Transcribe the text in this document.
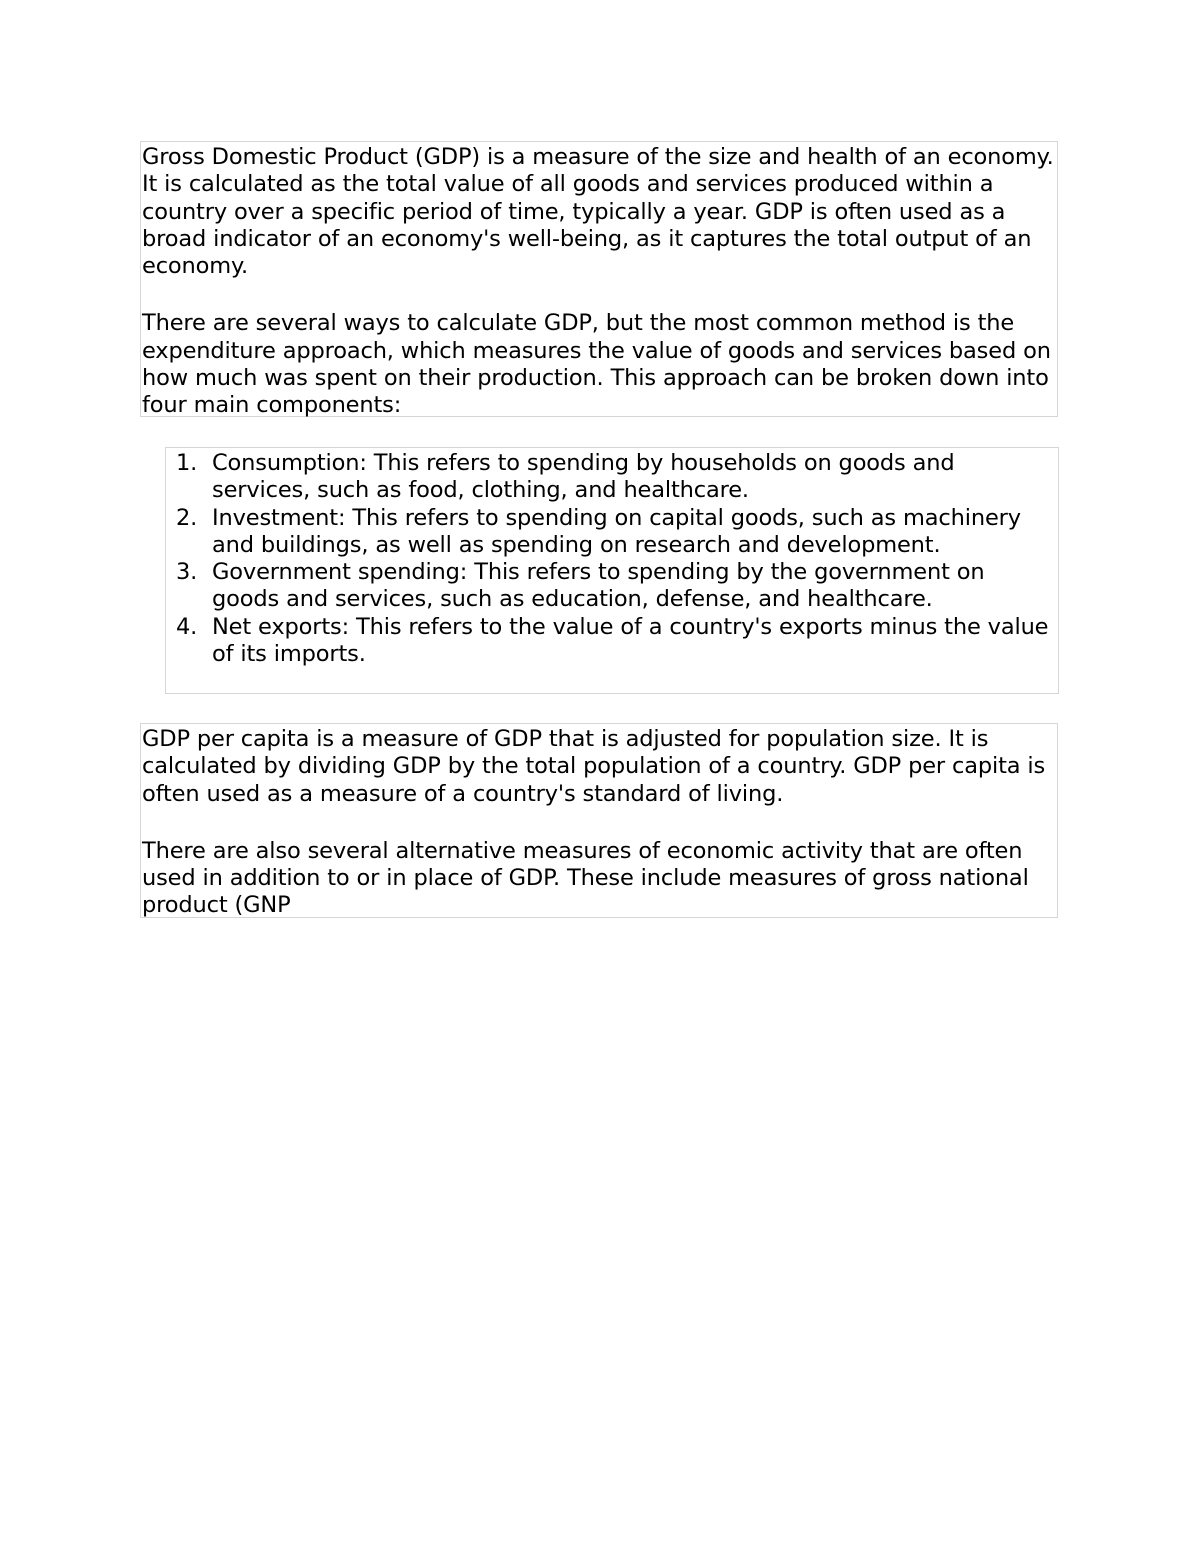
Gross Domestic Product (GDP) is a measure of the size and health of an economy. It is calculated as the total value of all goods and services produced within a country over a specific period of time, typically a year. GDP is often used as a broad indicator of an economy's well-being, as it captures the total output of an economy.

There are several ways to calculate GDP, but the most common method is the expenditure approach, which measures the value of goods and services based on how much was spent on their production. This approach can be broken down into four main components:

1. Consumption: This refers to spending by households on goods and services, such as food, clothing, and healthcare.
2. Investment: This refers to spending on capital goods, such as machinery and buildings, as well as spending on research and development.
3. Government spending: This refers to spending by the government on goods and services, such as education, defense, and healthcare.
4. Net exports: This refers to the value of a country's exports minus the value of its imports.

GDP per capita is a measure of GDP that is adjusted for population size. It is calculated by dividing GDP by the total population of a country. GDP per capita is often used as a measure of a country's standard of living.

There are also several alternative measures of economic activity that are often used in addition to or in place of GDP. These include measures of gross national product (GNP
